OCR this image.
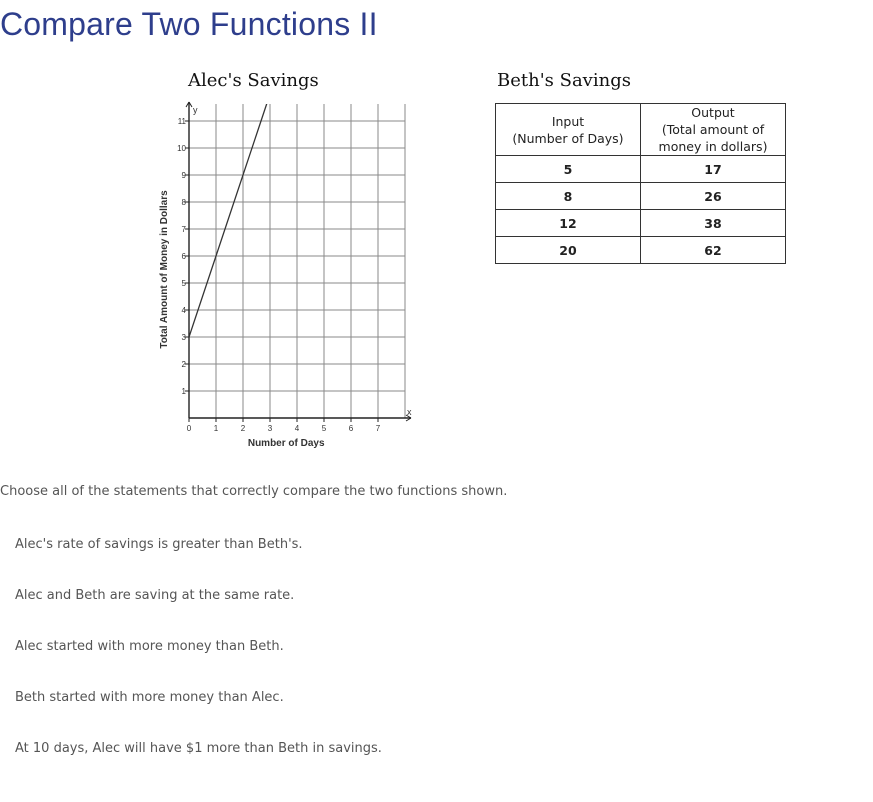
Compare Two Functions II
Alec's Savings	Beth's Savings
x
y
0	1	2	3	4	5	6	7
1
2
3
4
5
6
7
8
9
10
11
Number of Days
Total Amount of Money in Dollars
Input
(Number of Days)	Output
(Total amount of
money in dollars)

5	17
8	26
12	38
20	62
Choose all of the statements that correctly compare the two functions shown.
Alec's rate of savings is greater than Beth's.
Alec and Beth are saving at the same rate.
Alec started with more money than Beth.
Beth started with more money than Alec.
At 10 days, Alec will have $1 more than Beth in savings.
